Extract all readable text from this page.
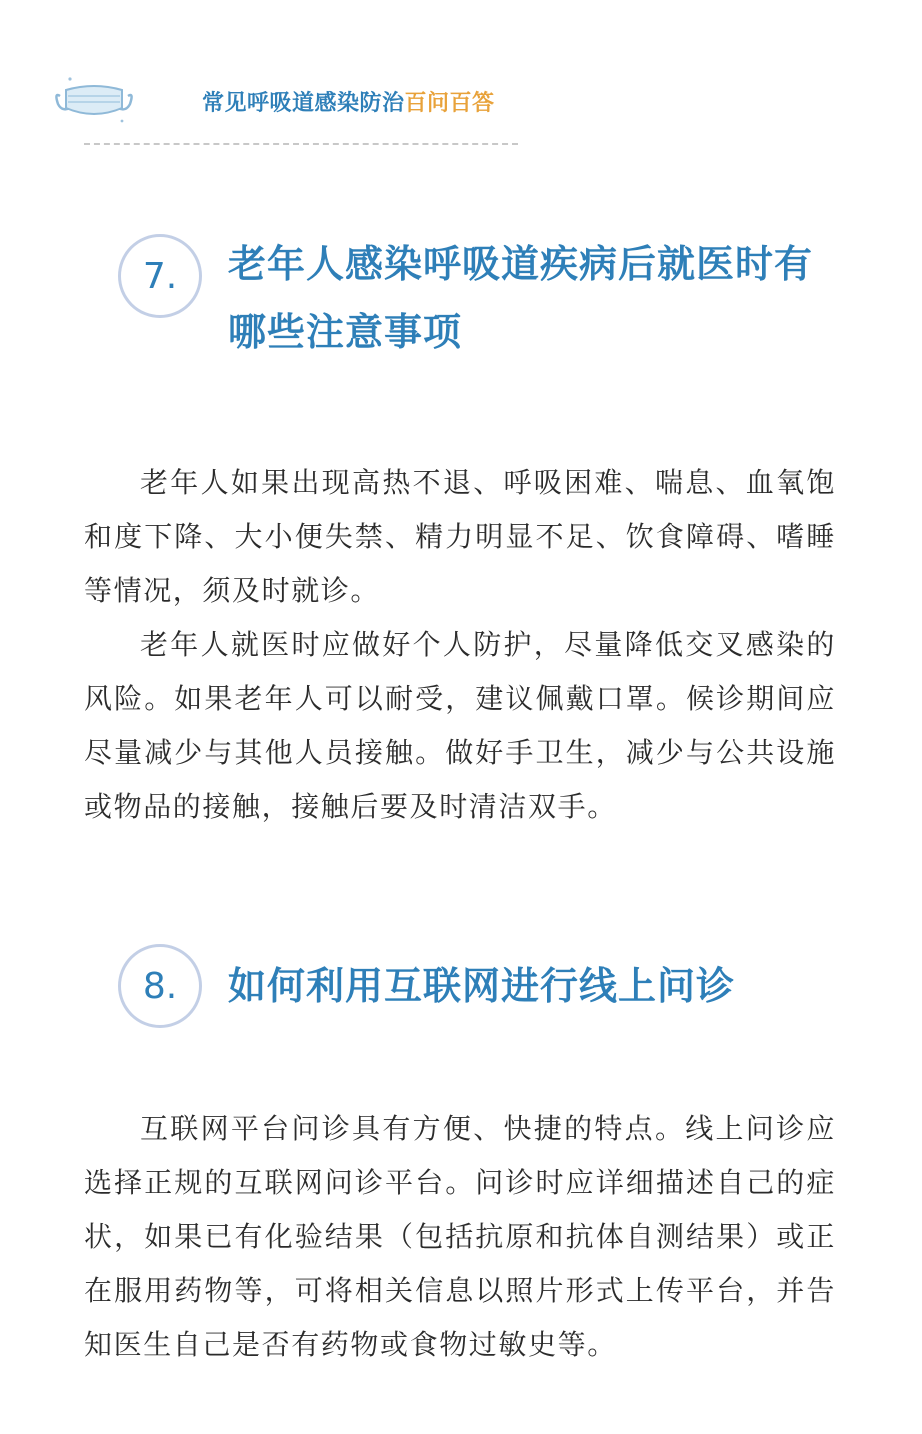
常见呼吸道感染防治百问百答
7.	老年人感染呼吸道疾病后就医时有哪些注意事项

老年人如果出现高热不退、呼吸困难、喘息、血氧饱和度下降、大小便失禁、精力明显不足、饮食障碍、嗜睡等情况，须及时就诊。

老年人就医时应做好个人防护，尽量降低交叉感染的风险。如果老年人可以耐受，建议佩戴口罩。候诊期间应尽量减少与其他人员接触。做好手卫生，减少与公共设施或物品的接触，接触后要及时清洁双手。

8.	如何利用互联网进行线上问诊

互联网平台问诊具有方便、快捷的特点。线上问诊应选择正规的互联网问诊平台。问诊时应详细描述自己的症状，如果已有化验结果（包括抗原和抗体自测结果）或正在服用药物等，可将相关信息以照片形式上传平台，并告知医生自己是否有药物或食物过敏史等。
